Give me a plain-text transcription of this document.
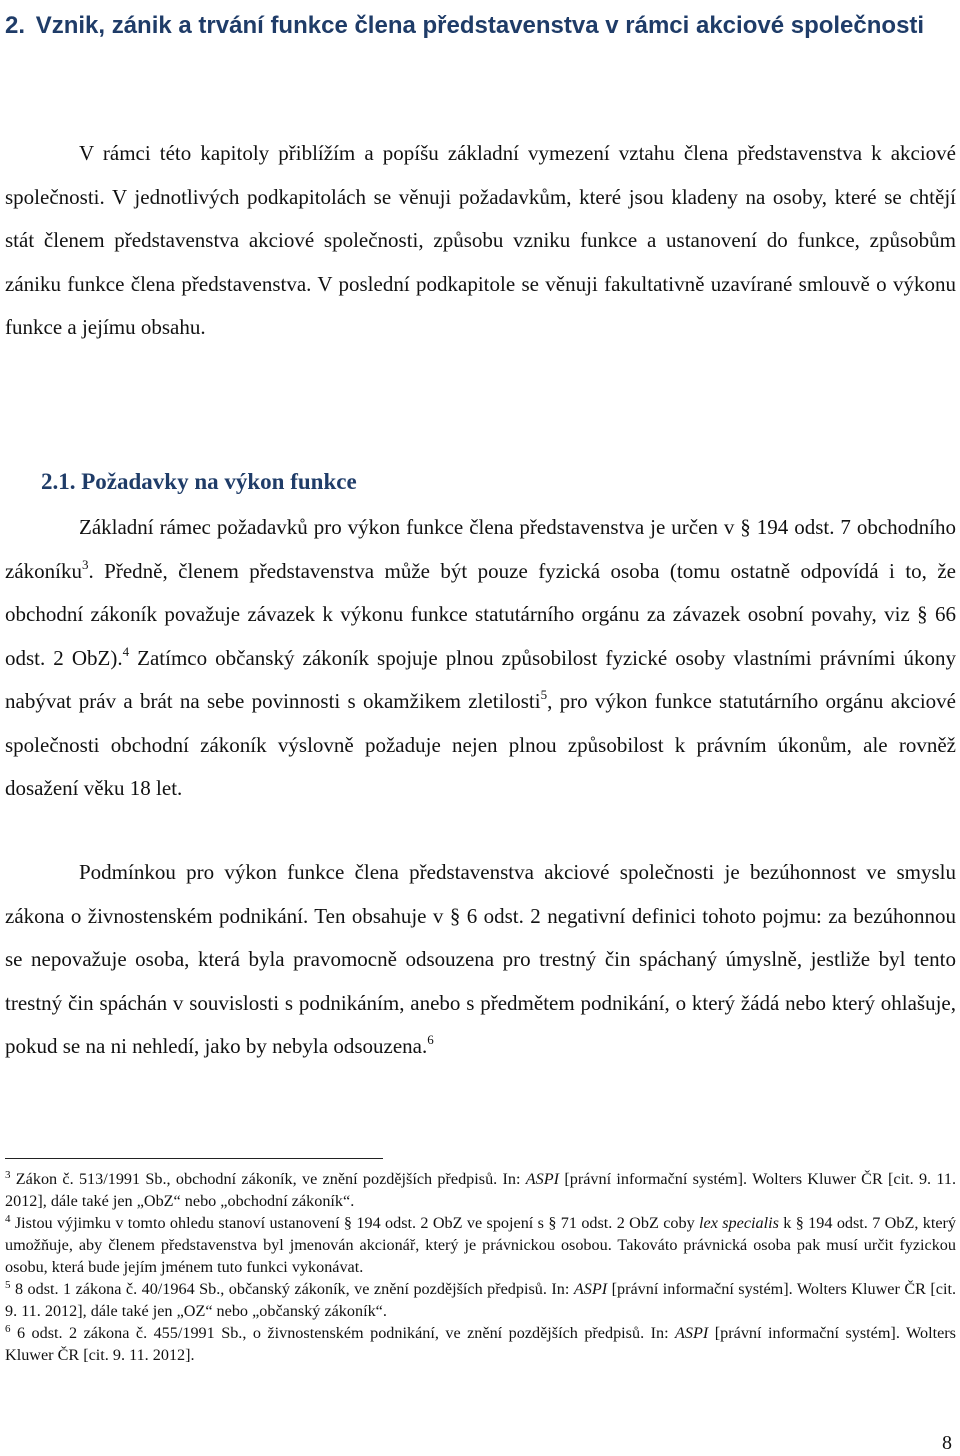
2. Vznik, zánik a trvání funkce člena představenstva v rámci akciové společnosti

V rámci této kapitoly přiblížím a popíšu základní vymezení vztahu člena představenstva k akciové společnosti. V jednotlivých podkapitolách se věnuji požadavkům, které jsou kladeny na osoby, které se chtějí stát členem představenstva akciové společnosti, způsobu vzniku funkce a ustanovení do funkce, způsobům zániku funkce člena představenstva. V poslední podkapitole se věnuji fakultativně uzavírané smlouvě o výkonu funkce a jejímu obsahu.

2.1. Požadavky na výkon funkce

Základní rámec požadavků pro výkon funkce člena představenstva je určen v § 194 odst. 7 obchodního zákoníku$^3$. Předně, členem představenstva může být pouze fyzická osoba (tomu ostatně odpovídá i to, že obchodní zákoník považuje závazek k výkonu funkce statutárního orgánu za závazek osobní povahy, viz § 66 odst. 2 ObZ).$^4$ Zatímco občanský zákoník spojuje plnou způsobilost fyzické osoby vlastními právními úkony nabývat práv a brát na sebe povinnosti s okamžikem zletilosti$^5$, pro výkon funkce statutárního orgánu akciové společnosti obchodní zákoník výslovně požaduje nejen plnou způsobilost k právním úkonům, ale rovněž dosažení věku 18 let.

Podmínkou pro výkon funkce člena představenstva akciové společnosti je bezúhonnost ve smyslu zákona o živnostenském podnikání. Ten obsahuje v § 6 odst. 2 negativní definici tohoto pojmu: za bezúhonnou se nepovažuje osoba, která byla pravomocně odsouzena pro trestný čin spáchaný úmyslně, jestliže byl tento trestný čin spáchán v souvislosti s podnikáním, anebo s předmětem podnikání, o který žádá nebo který ohlašuje, pokud se na ni nehledí, jako by nebyla odsouzena.$^6$

$^3$ Zákon č. 513/1991 Sb., obchodní zákoník, ve znění pozdějších předpisů. In: ASPI [právní informační systém]. Wolters Kluwer ČR [cit. 9. 11. 2012], dále také jen „ObZ“ nebo „obchodní zákoník“.

$^4$ Jistou výjimku v tomto ohledu stanoví ustanovení § 194 odst. 2 ObZ ve spojení s § 71 odst. 2 ObZ coby lex specialis k § 194 odst. 7 ObZ, který umožňuje, aby členem představenstva byl jmenován akcionář, který je právnickou osobou. Takováto právnická osoba pak musí určit fyzickou osobu, která bude jejím jménem tuto funkci vykonávat.

$^5$ 8 odst. 1 zákona č. 40/1964 Sb., občanský zákoník, ve znění pozdějších předpisů. In: ASPI [právní informační systém]. Wolters Kluwer ČR [cit. 9. 11. 2012], dále také jen „OZ“ nebo „občanský zákoník“.

$^6$ 6 odst. 2 zákona č. 455/1991 Sb., o živnostenském podnikání, ve znění pozdějších předpisů. In: ASPI [právní informační systém]. Wolters Kluwer ČR [cit. 9. 11. 2012].

8
